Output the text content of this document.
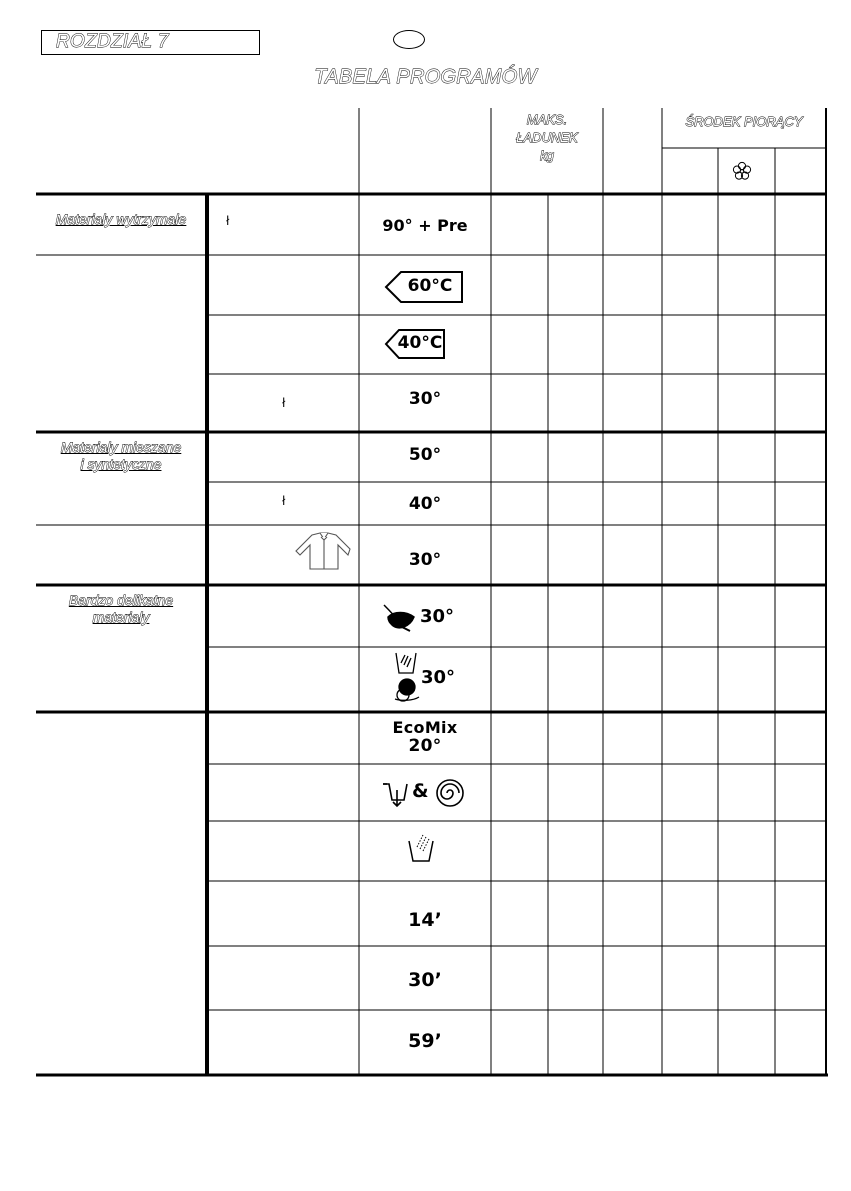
ROZDZIAŁ 7
TABELA PROGRAMÓW
MAKS.
ŁADUNEK
kg
ŚRODEK PIORĄCY
Materiały wytrzymałe
Materiały mieszane
i syntetyczne
Bardzo delikatne
materiały
ł
ł
ł
90° + Pre
60°C
40°C
30°
50°
40°
30°
30°
30°
EcoMix
20°
&
14’
30’
59’
